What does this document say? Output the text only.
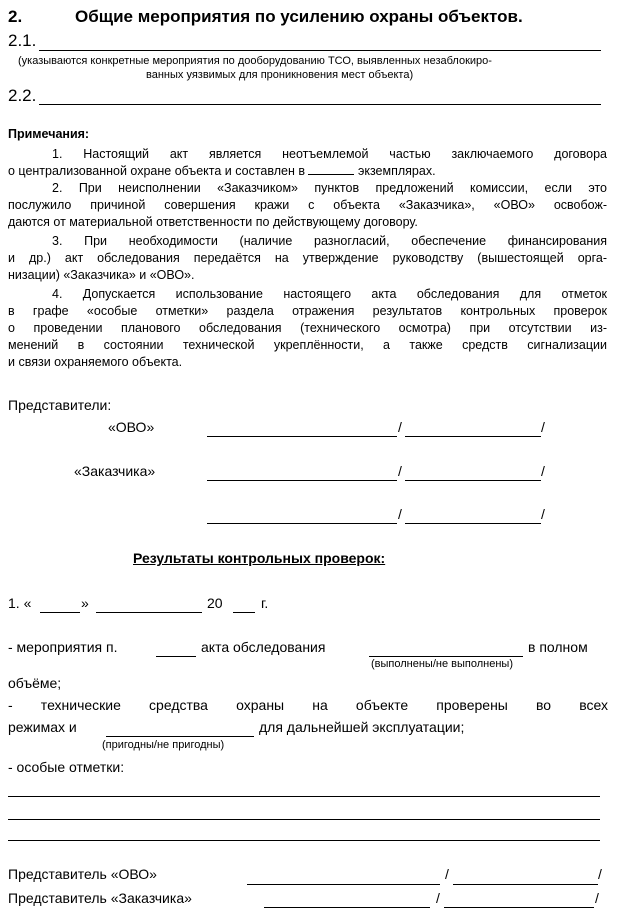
2.	Общие мероприятия по усилению охраны объектов.
2.1.
(указываются конкретные мероприятия по дооборудованию ТСО, выявленных незаблокиро-
ванных уязвимых для проникновения мест объекта)
2.2.
Примечания:
1. Настоящий акт является неотъемлемой частью заключаемого договора
о централизованной охране объекта и составлен в	экземплярах.
2. При неисполнении «Заказчиком» пунктов предложений комиссии, если это
послужило причиной совершения кражи с объекта «Заказчика», «ОВО» освобож-
даются от материальной ответственности по действующему договору.
3. При необходимости (наличие разногласий, обеспечение финансирования
и др.) акт обследования передаётся на утверждение руководству (вышестоящей орга-
низации) «Заказчика» и «ОВО».
4. Допускается использование настоящего акта обследования для отметок
в графе «особые отметки» раздела отражения результатов контрольных проверок
о проведении планового обследования (технического осмотра) при отсутствии из-
менений в состоянии технической укреплённости, а также средств сигнализации
и связи охраняемого объекта.
Представители:
«ОВО»	/	/
«Заказчика»	/	/
/	/
Результаты контрольных проверок:
1. «	»	20	г.
- мероприятия п.	акта обследования	в полном
(выполнены/не выполнены)
объёме;
- технические средства охраны на объекте проверены во всех
режимах и	для дальнейшей эксплуатации;
(пригодны/не пригодны)
- особые отметки:
Представитель «ОВО»	/	/
Представитель «Заказчика»	/	/
